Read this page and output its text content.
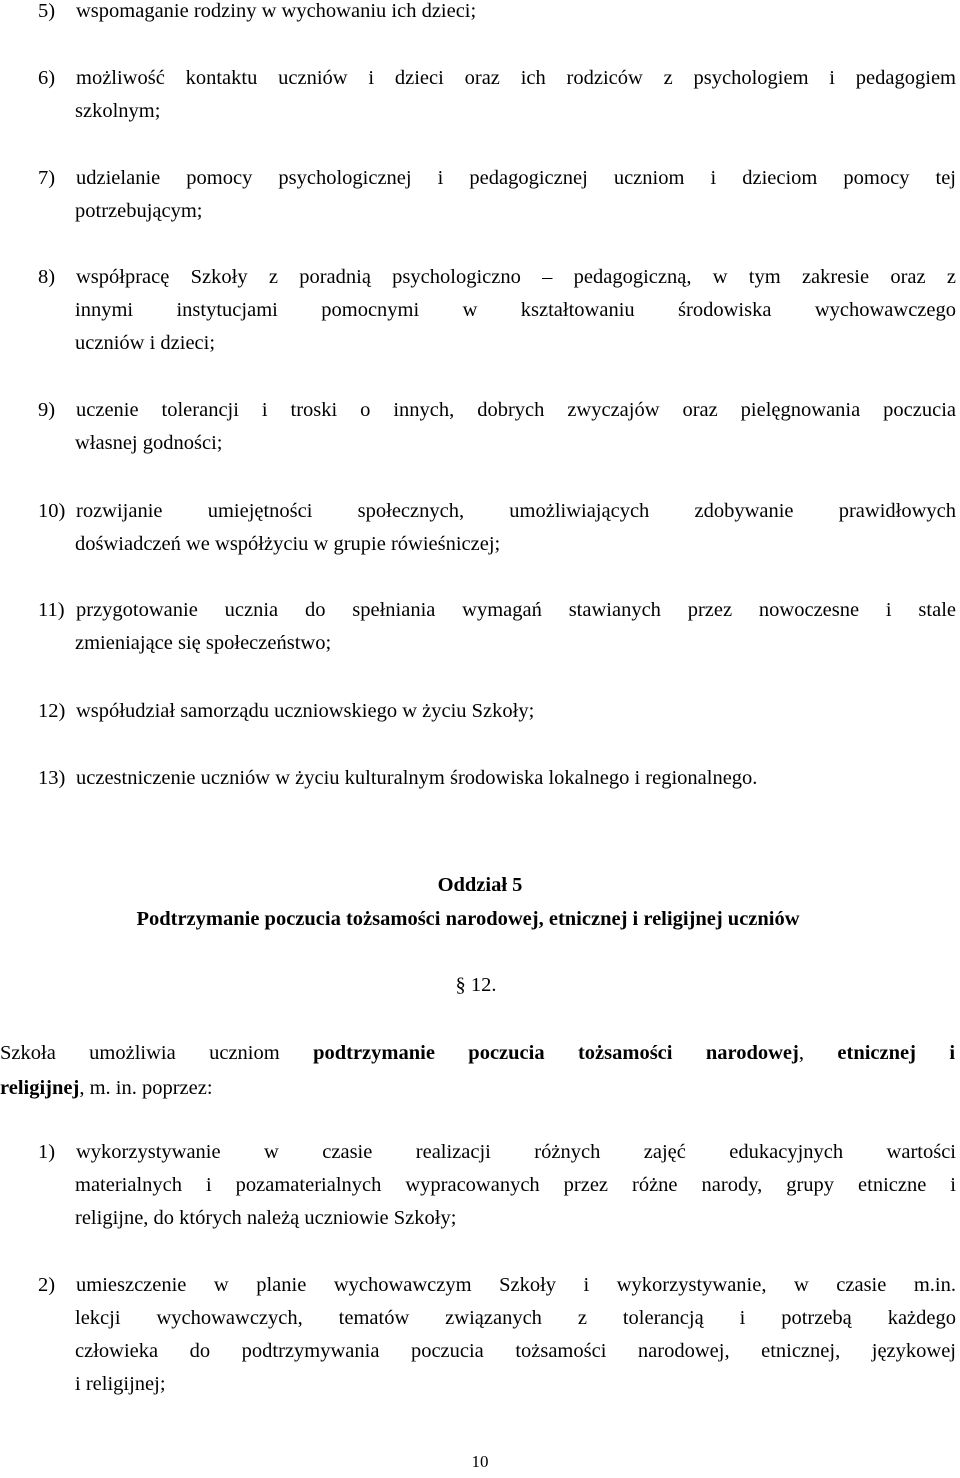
5) wspomaganie rodziny w wychowaniu ich dzieci;
6) możliwość kontaktu uczniów i dzieci oraz ich rodziców z psychologiem i pedagogiem
szkolnym;
7) udzielanie pomocy psychologicznej i pedagogicznej uczniom i dzieciom pomocy tej
potrzebującym;
8) współpracę Szkoły z poradnią psychologiczno – pedagogiczną, w tym zakresie oraz z
innymi instytucjami pomocnymi w kształtowaniu środowiska wychowawczego
uczniów i dzieci;
9) uczenie tolerancji i troski o innych, dobrych zwyczajów oraz pielęgnowania poczucia
własnej godności;
10) rozwijanie umiejętności społecznych, umożliwiających zdobywanie prawidłowych
doświadczeń we współżyciu w grupie rówieśniczej;
11) przygotowanie ucznia do spełniania wymagań stawianych przez nowoczesne i stale
zmieniające się społeczeństwo;
12) współudział samorządu uczniowskiego w życiu Szkoły;
13) uczestniczenie uczniów w życiu kulturalnym środowiska lokalnego i regionalnego.
Oddział 5
Podtrzymanie poczucia tożsamości narodowej, etnicznej i religijnej uczniów
§ 12.
Szkoła umożliwia uczniom podtrzymanie poczucia tożsamości narodowej, etnicznej i
religijnej, m. in. poprzez:
1) wykorzystywanie w czasie realizacji różnych zajęć edukacyjnych wartości
materialnych i pozamaterialnych wypracowanych przez różne narody, grupy etniczne i
religijne, do których należą uczniowie Szkoły;
2) umieszczenie w planie wychowawczym Szkoły i wykorzystywanie, w czasie m.in.
lekcji wychowawczych, tematów związanych z tolerancją i potrzebą każdego
człowieka do podtrzymywania poczucia tożsamości narodowej, etnicznej, językowej
i religijnej;
10
